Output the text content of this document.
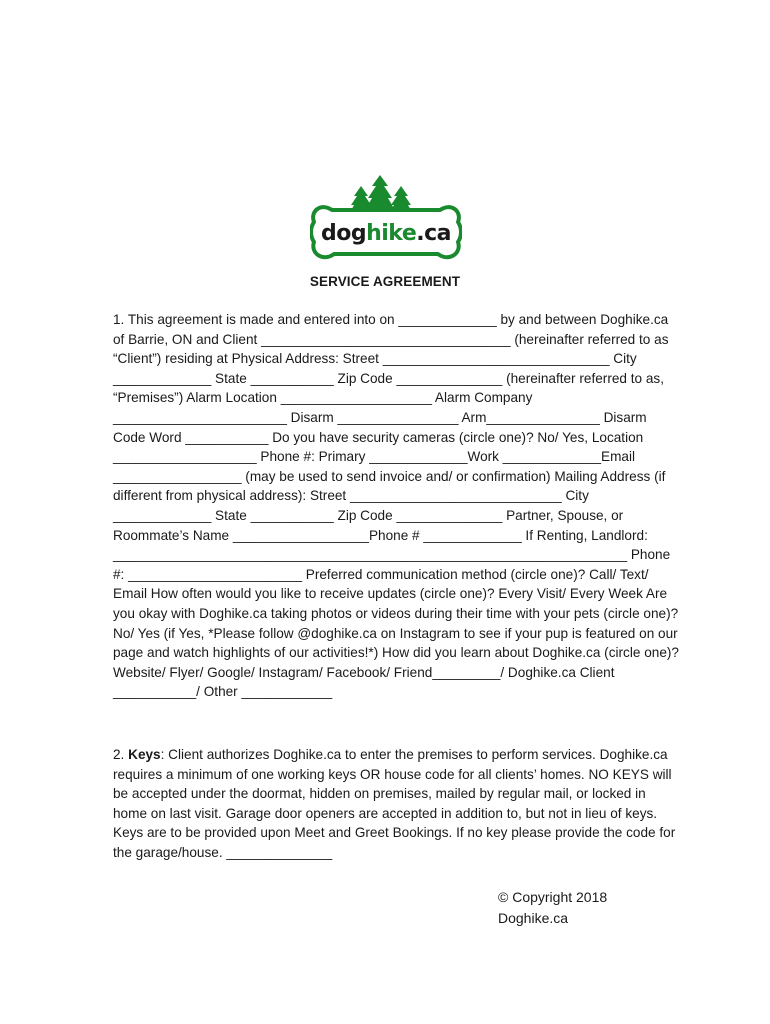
doghike.ca
SERVICE AGREEMENT
1. This agreement is made and entered into on _____________ by and between Doghike.ca of Barrie, ON and Client _________________________________ (hereinafter referred to as “Client”) residing at Physical Address: Street ______________________________ City _____________ State ___________ Zip Code ______________ (hereinafter referred to as, “Premises”) Alarm Location ____________________ Alarm Company _______________________ Disarm ________________ Arm_______________ Disarm Code Word ___________ Do you have security cameras (circle one)? No/ Yes, Location ___________________ Phone #: Primary _____________Work _____________Email _________________ (may be used to send invoice and/ or confirmation) Mailing Address (if different from physical address): Street ____________________________ City _____________ State ___________ Zip Code ______________ Partner, Spouse, or Roommate’s Name __________________Phone # _____________ If Renting, Landlord: ____________________________________________________________________ Phone #: _______________________ Preferred communication method (circle one)? Call/ Text/ Email How often would you like to receive updates (circle one)? Every Visit/ Every Week Are you okay with Doghike.ca taking photos or videos during their time with your pets (circle one)? No/ Yes (if Yes, *Please follow @doghike.ca on Instagram to see if your pup is featured on our page and watch highlights of our activities!*) How did you learn about Doghike.ca (circle one)? Website/ Flyer/ Google/ Instagram/ Facebook/ Friend_________/ Doghike.ca Client ___________/ Other ____________
2. Keys: Client authorizes Doghike.ca to enter the premises to perform services. Doghike.ca requires a minimum of one working keys OR house code for all clients’ homes. NO KEYS will be accepted under the doormat, hidden on premises, mailed by regular mail, or locked in home on last visit. Garage door openers are accepted in addition to, but not in lieu of keys. Keys are to be provided upon Meet and Greet Bookings. If no key please provide the code for the garage/house. ______________
© Copyright 2018
Doghike.ca
